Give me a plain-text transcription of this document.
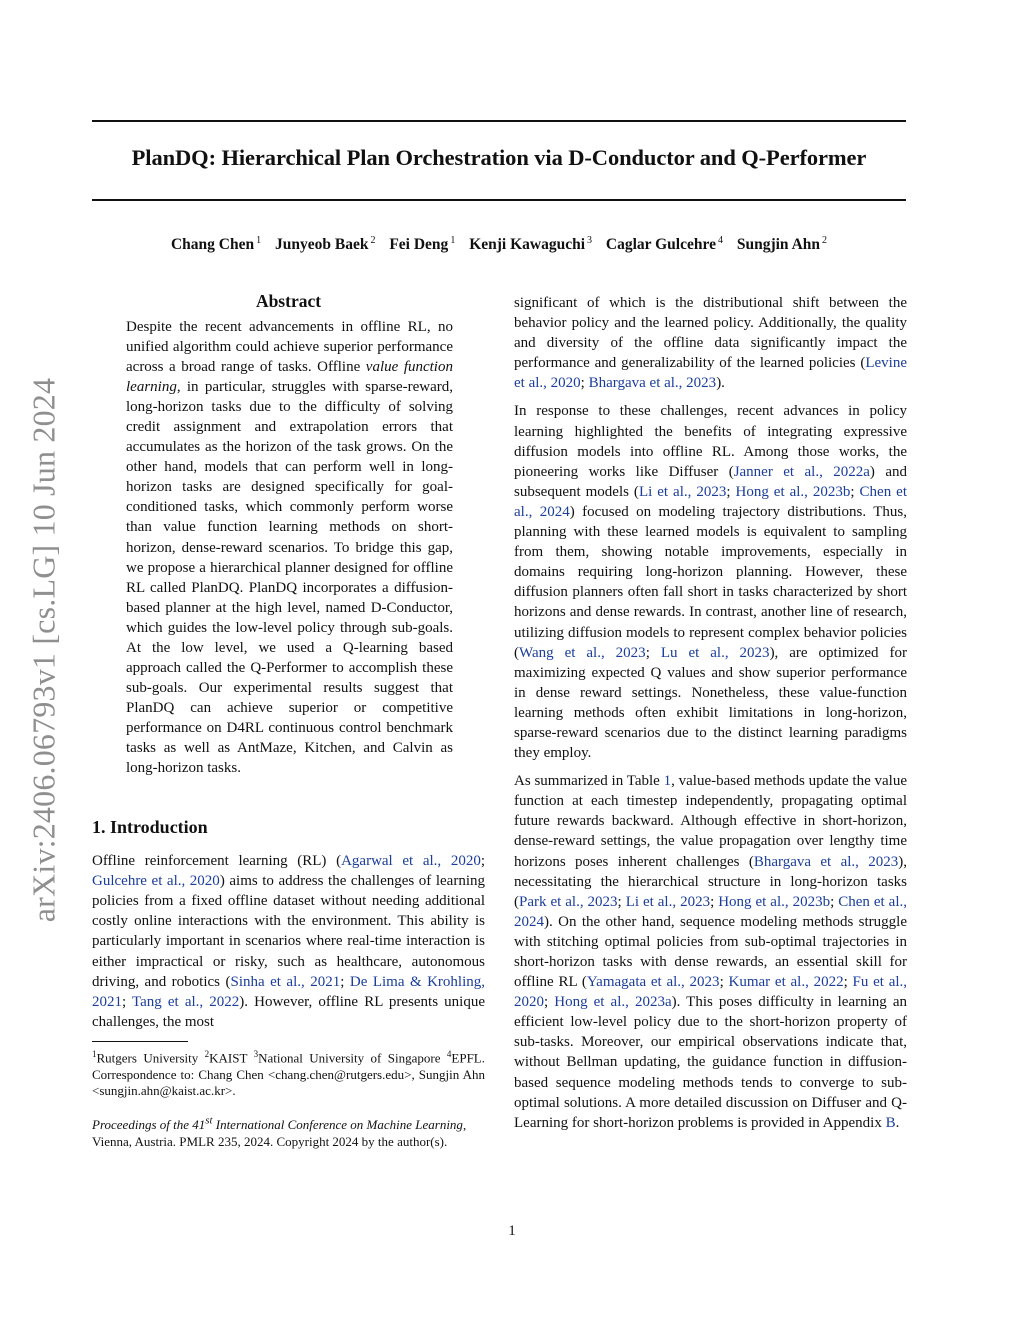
arXiv:2406.06793v1 [cs.LG] 10 Jun 2024
PlanDQ: Hierarchical Plan Orchestration via D-Conductor and Q-Performer
Chang Chen $^1$ Junyeob Baek $^2$ Fei Deng $^1$ Kenji Kawaguchi $^3$ Caglar Gulcehre $^4$ Sungjin Ahn $^2$
Abstract

Despite the recent advancements in offline RL, no unified algorithm could achieve superior performance across a broad range of tasks. Offline value function learning, in particular, struggles with sparse-reward, long-horizon tasks due to the difficulty of solving credit assignment and extrapolation errors that accumulates as the horizon of the task grows. On the other hand, models that can perform well in long-horizon tasks are designed specifically for goal-conditioned tasks, which commonly perform worse than value function learning methods on short-horizon, dense-reward scenarios. To bridge this gap, we propose a hierarchical planner designed for offline RL called PlanDQ. PlanDQ incorporates a diffusion-based planner at the high level, named D-Conductor, which guides the low-level policy through sub-goals. At the low level, we used a Q-learning based approach called the Q-Performer to accomplish these sub-goals. Our experimental results suggest that PlanDQ can achieve superior or competitive performance on D4RL continuous control benchmark tasks as well as AntMaze, Kitchen, and Calvin as long-horizon tasks.

1. Introduction

Offline reinforcement learning (RL) (Agarwal et al., 2020; Gulcehre et al., 2020) aims to address the challenges of learning policies from a fixed offline dataset without needing additional costly online interactions with the environment. This ability is particularly important in scenarios where real-time interaction is either impractical or risky, such as healthcare, autonomous driving, and robotics (Sinha et al., 2021; De Lima & Krohling, 2021; Tang et al., 2022). However, offline RL presents unique challenges, the most

$^1$Rutgers University $^2$KAIST $^3$National University of Singapore $^4$EPFL. Correspondence to: Chang Chen <chang.chen@rutgers.edu>, Sungjin Ahn <sungjin.ahn@kaist.ac.kr>.

Proceedings of the 41st International Conference on Machine Learning, Vienna, Austria. PMLR 235, 2024. Copyright 2024 by the author(s).

significant of which is the distributional shift between the behavior policy and the learned policy. Additionally, the quality and diversity of the offline data significantly impact the performance and generalizability of the learned policies (Levine et al., 2020; Bhargava et al., 2023).

In response to these challenges, recent advances in policy learning highlighted the benefits of integrating expressive diffusion models into offline RL. Among those works, the pioneering works like Diffuser (Janner et al., 2022a) and subsequent models (Li et al., 2023; Hong et al., 2023b; Chen et al., 2024) focused on modeling trajectory distributions. Thus, planning with these learned models is equivalent to sampling from them, showing notable improvements, especially in domains requiring long-horizon planning. However, these diffusion planners often fall short in tasks characterized by short horizons and dense rewards. In contrast, another line of research, utilizing diffusion models to represent complex behavior policies (Wang et al., 2023; Lu et al., 2023), are optimized for maximizing expected Q values and show superior performance in dense reward settings. Nonetheless, these value-function learning methods often exhibit limitations in long-horizon, sparse-reward scenarios due to the distinct learning paradigms they employ.

As summarized in Table 1, value-based methods update the value function at each timestep independently, propagating optimal future rewards backward. Although effective in short-horizon, dense-reward settings, the value propagation over lengthy time horizons poses inherent challenges (Bhargava et al., 2023), necessitating the hierarchical structure in long-horizon tasks (Park et al., 2023; Li et al., 2023; Hong et al., 2023b; Chen et al., 2024). On the other hand, sequence modeling methods struggle with stitching optimal policies from sub-optimal trajectories in short-horizon tasks with dense rewards, an essential skill for offline RL (Yamagata et al., 2023; Kumar et al., 2022; Fu et al., 2020; Hong et al., 2023a). This poses difficulty in learning an efficient low-level policy due to the short-horizon property of sub-tasks. Moreover, our empirical observations indicate that, without Bellman updating, the guidance function in diffusion-based sequence modeling methods tends to converge to sub-optimal solutions. A more detailed discussion on Diffuser and Q-Learning for short-horizon problems is provided in Appendix B.

1
